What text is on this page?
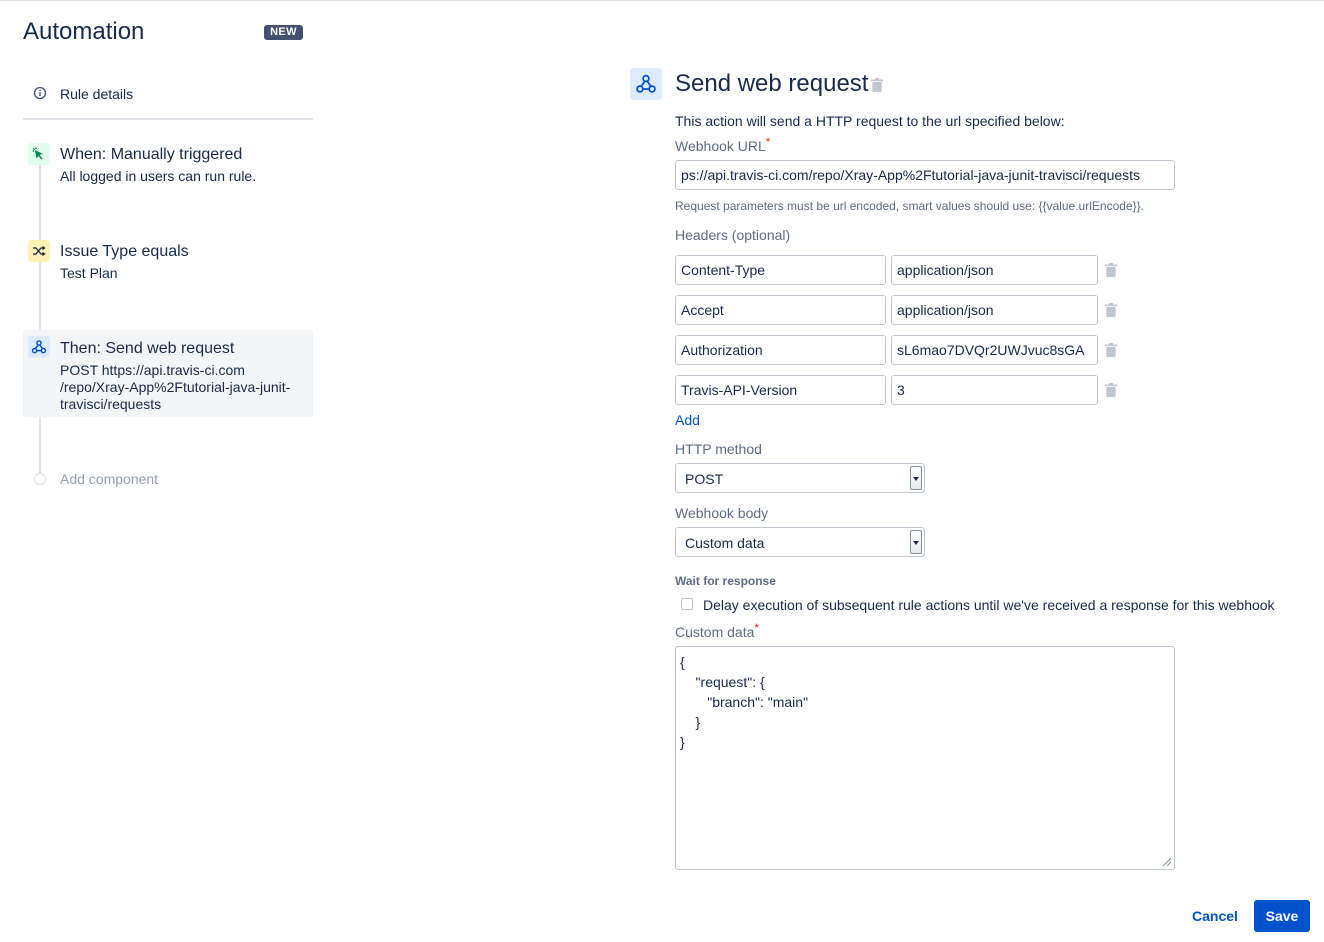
Automation	NEW
Rule details
When: Manually triggered
All logged in users can run rule.
Issue Type equals
Test Plan
Then: Send web request
POST https://api.travis-ci.com /repo/Xray-App%2Ftutorial-java-junit- travisci/requests
Add component
Send web request
This action will send a HTTP request to the url specified below:
Webhook URL*
ps://api.travis-ci.com/repo/Xray-App%2Ftutorial-java-junit-travisci/requests
Request parameters must be url encoded, smart values should use: {{value.urlEncode}}.
Headers (optional)
Content-Type
application/json
Accept
application/json
Authorization
sL6mao7DVQr2UWJvuc8sGA
Travis-API-Version
3
Add
HTTP method
POST
Webhook body
Custom data
Wait for response
Delay execution of subsequent rule actions until we've received a response for this webhook
Custom data*
{ "request": { "branch": "main" } }
Cancel	Save
